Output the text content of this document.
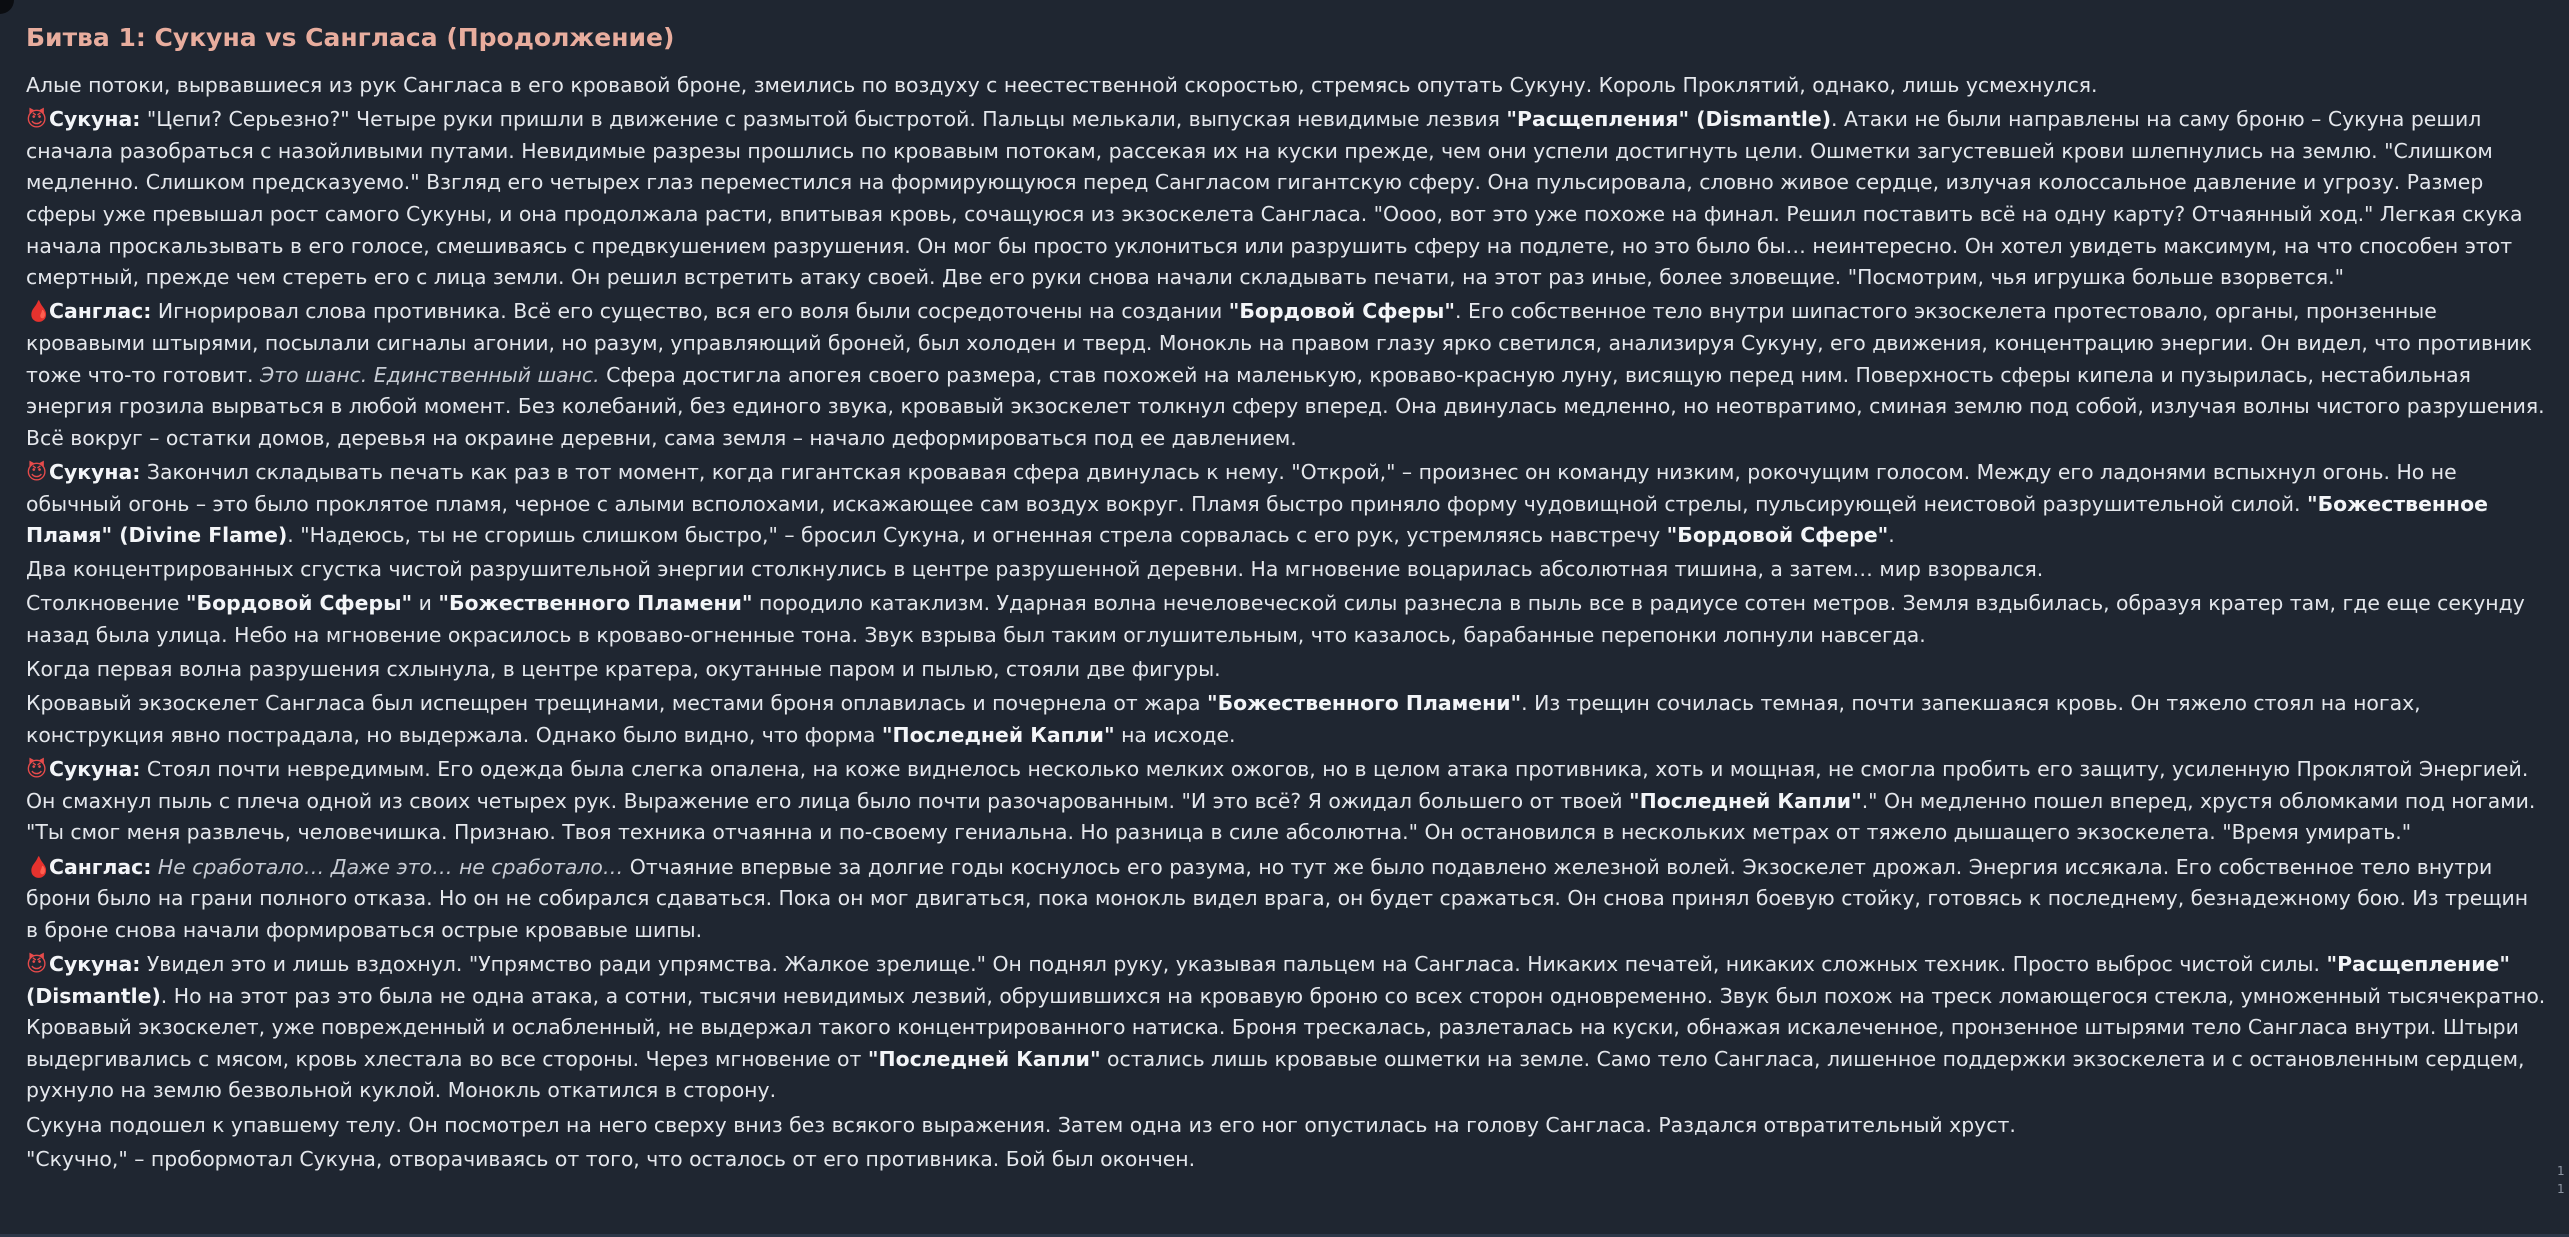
Битва 1: Сукуна vs Сангласа (Продолжение)

Алые потоки, вырвавшиеся из рук Сангласа в его кровавой броне, змеились по воздуху с неестественной скоростью, стремясь опутать Сукуну. Король Проклятий, однако, лишь усмехнулся.

😈Сукуна: "Цепи? Серьезно?" Четыре руки пришли в движение с размытой быстротой. Пальцы мелькали, выпуская невидимые лезвия "Расщепления" (Dismantle). Атаки не были направлены на саму броню – Сукуна решил сначала разобраться с назойливыми путами. Невидимые разрезы прошлись по кровавым потокам, рассекая их на куски прежде, чем они успели достигнуть цели. Ошметки загустевшей крови шлепнулись на землю. "Слишком медленно. Слишком предсказуемо." Взгляд его четырех глаз переместился на формирующуюся перед Сангласом гигантскую сферу. Она пульсировала, словно живое сердце, излучая колоссальное давление и угрозу. Размер сферы уже превышал рост самого Сукуны, и она продолжала расти, впитывая кровь, сочащуюся из экзоскелета Сангласа. "Оооо, вот это уже похоже на финал. Решил поставить всё на одну карту? Отчаянный ход." Легкая скука начала проскальзывать в его голосе, смешиваясь с предвкушением разрушения. Он мог бы просто уклониться или разрушить сферу на подлете, но это было бы… неинтересно. Он хотел увидеть максимум, на что способен этот смертный, прежде чем стереть его с лица земли. Он решил встретить атаку своей. Две его руки снова начали складывать печати, на этот раз иные, более зловещие. "Посмотрим, чья игрушка больше взорвется."

🩸Санглас: Игнорировал слова противника. Всё его существо, вся его воля были сосредоточены на создании "Бордовой Сферы". Его собственное тело внутри шипастого экзоскелета протестовало, органы, пронзенные кровавыми штырями, посылали сигналы агонии, но разум, управляющий броней, был холоден и тверд. Монокль на правом глазу ярко светился, анализируя Сукуну, его движения, концентрацию энергии. Он видел, что противник тоже что-то готовит. Это шанс. Единственный шанс. Сфера достигла апогея своего размера, став похожей на маленькую, кроваво-красную луну, висящую перед ним. Поверхность сферы кипела и пузырилась, нестабильная энергия грозила вырваться в любой момент. Без колебаний, без единого звука, кровавый экзоскелет толкнул сферу вперед. Она двинулась медленно, но неотвратимо, сминая землю под собой, излучая волны чистого разрушения. Всё вокруг – остатки домов, деревья на окраине деревни, сама земля – начало деформироваться под ее давлением.

😈Сукуна: Закончил складывать печать как раз в тот момент, когда гигантская кровавая сфера двинулась к нему. "Открой," – произнес он команду низким, рокочущим голосом. Между его ладонями вспыхнул огонь. Но не обычный огонь – это было проклятое пламя, черное с алыми всполохами, искажающее сам воздух вокруг. Пламя быстро приняло форму чудовищной стрелы, пульсирующей неистовой разрушительной силой. "Божественное Пламя" (Divine Flame). "Надеюсь, ты не сгоришь слишком быстро," – бросил Сукуна, и огненная стрела сорвалась с его рук, устремляясь навстречу "Бордовой Сфере".

Два концентрированных сгустка чистой разрушительной энергии столкнулись в центре разрушенной деревни. На мгновение воцарилась абсолютная тишина, а затем… мир взорвался.

Столкновение "Бордовой Сферы" и "Божественного Пламени" породило катаклизм. Ударная волна нечеловеческой силы разнесла в пыль все в радиусе сотен метров. Земля вздыбилась, образуя кратер там, где еще секунду назад была улица. Небо на мгновение окрасилось в кроваво-огненные тона. Звук взрыва был таким оглушительным, что казалось, барабанные перепонки лопнули навсегда.

Когда первая волна разрушения схлынула, в центре кратера, окутанные паром и пылью, стояли две фигуры.

Кровавый экзоскелет Сангласа был испещрен трещинами, местами броня оплавилась и почернела от жара "Божественного Пламени". Из трещин сочилась темная, почти запекшаяся кровь. Он тяжело стоял на ногах, конструкция явно пострадала, но выдержала. Однако было видно, что форма "Последней Капли" на исходе.

😈Сукуна: Стоял почти невредимым. Его одежда была слегка опалена, на коже виднелось несколько мелких ожогов, но в целом атака противника, хоть и мощная, не смогла пробить его защиту, усиленную Проклятой Энергией. Он смахнул пыль с плеча одной из своих четырех рук. Выражение его лица было почти разочарованным. "И это всё? Я ожидал большего от твоей "Последней Капли"." Он медленно пошел вперед, хрустя обломками под ногами. "Ты смог меня развлечь, человечишка. Признаю. Твоя техника отчаянна и по-своему гениальна. Но разница в силе абсолютна." Он остановился в нескольких метрах от тяжело дышащего экзоскелета. "Время умирать."

🩸Санглас: Не сработало… Даже это… не сработало… Отчаяние впервые за долгие годы коснулось его разума, но тут же было подавлено железной волей. Экзоскелет дрожал. Энергия иссякала. Его собственное тело внутри брони было на грани полного отказа. Но он не собирался сдаваться. Пока он мог двигаться, пока монокль видел врага, он будет сражаться. Он снова принял боевую стойку, готовясь к последнему, безнадежному бою. Из трещин в броне снова начали формироваться острые кровавые шипы.

😈Сукуна: Увидел это и лишь вздохнул. "Упрямство ради упрямства. Жалкое зрелище." Он поднял руку, указывая пальцем на Сангласа. Никаких печатей, никаких сложных техник. Просто выброс чистой силы. "Расщепление" (Dismantle). Но на этот раз это была не одна атака, а сотни, тысячи невидимых лезвий, обрушившихся на кровавую броню со всех сторон одновременно. Звук был похож на треск ломающегося стекла, умноженный тысячекратно. Кровавый экзоскелет, уже поврежденный и ослабленный, не выдержал такого концентрированного натиска. Броня трескалась, разлеталась на куски, обнажая искалеченное, пронзенное штырями тело Сангласа внутри. Штыри выдергивались с мясом, кровь хлестала во все стороны. Через мгновение от "Последней Капли" остались лишь кровавые ошметки на земле. Само тело Сангласа, лишенное поддержки экзоскелета и с остановленным сердцем, рухнуло на землю безвольной куклой. Монокль откатился в сторону.

Сукуна подошел к упавшему телу. Он посмотрел на него сверху вниз без всякого выражения. Затем одна из его ног опустилась на голову Сангласа. Раздался отвратительный хруст.

"Скучно," – пробормотал Сукуна, отворачиваясь от того, что осталось от его противника. Бой был окончен.

1
1
